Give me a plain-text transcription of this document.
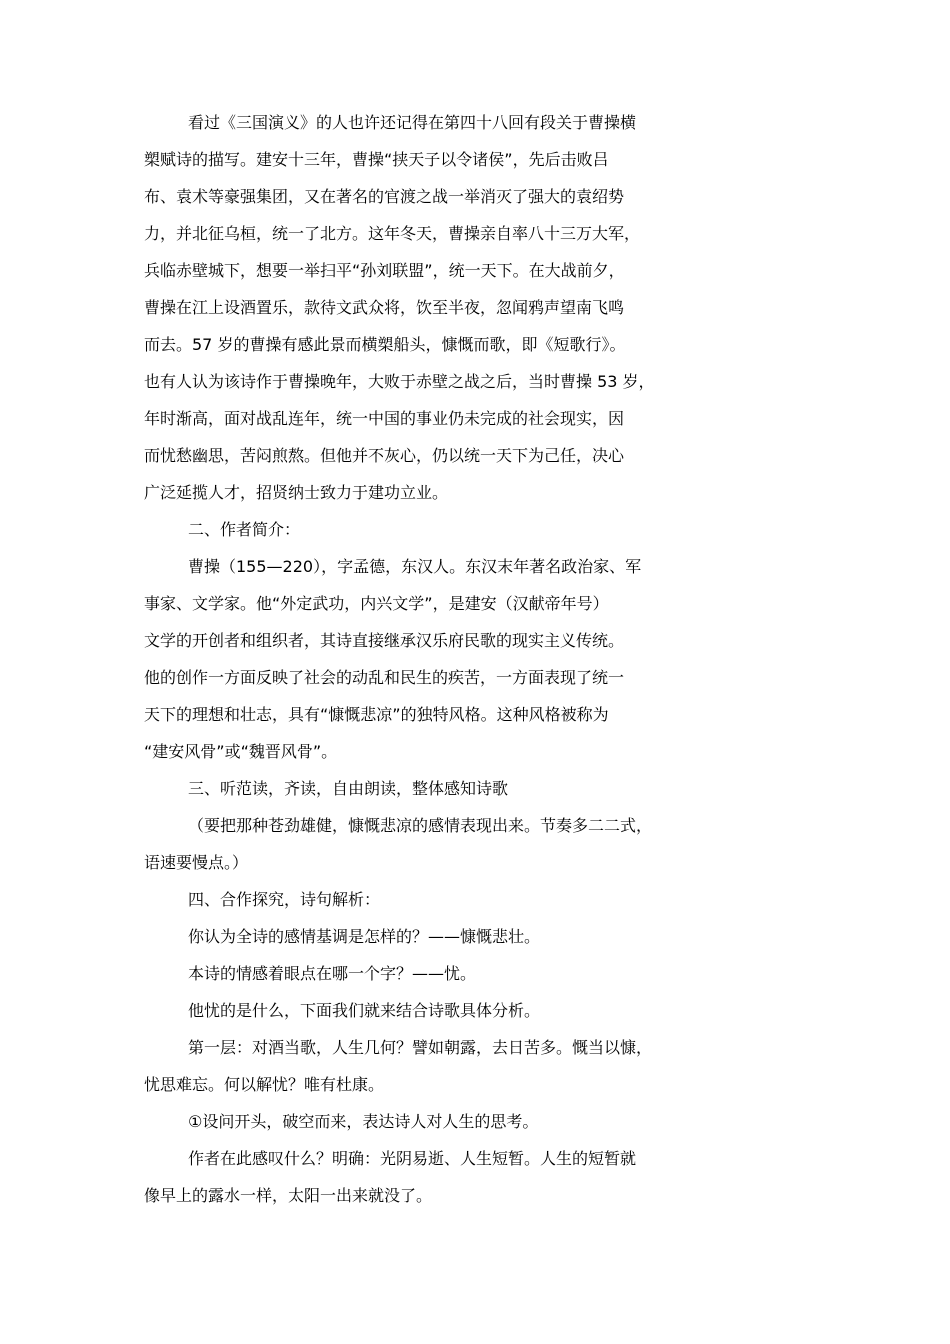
看过《三国演义》的人也许还记得在第四十八回有段关于曹操横
槊赋诗的描写。建安十三年，曹操“挟天子以令诸侯”，先后击败吕
布、袁术等豪强集团，又在著名的官渡之战一举消灭了强大的袁绍势
力，并北征乌桓，统一了北方。这年冬天，曹操亲自率八十三万大军，
兵临赤壁城下，想要一举扫平“孙刘联盟”，统一天下。在大战前夕，
曹操在江上设酒置乐，款待文武众将，饮至半夜，忽闻鸦声望南飞鸣
而去。57 岁的曹操有感此景而横槊船头，慷慨而歌，即《短歌行》。
也有人认为该诗作于曹操晚年，大败于赤壁之战之后，当时曹操 53 岁，
年时渐高，面对战乱连年，统一中国的事业仍未完成的社会现实，因
而忧愁幽思，苦闷煎熬。但他并不灰心，仍以统一天下为己任，决心
广泛延揽人才，招贤纳士致力于建功立业。
二、作者简介：
曹操（155—220），字孟德，东汉人。东汉末年著名政治家、军
事家、文学家。他“外定武功，内兴文学”，是建安（汉献帝年号）
文学的开创者和组织者，其诗直接继承汉乐府民歌的现实主义传统。
他的创作一方面反映了社会的动乱和民生的疾苦，一方面表现了统一
天下的理想和壮志，具有“慷慨悲凉”的独特风格。这种风格被称为
“建安风骨”或“魏晋风骨”。
三、听范读，齐读，自由朗读，整体感知诗歌
（要把那种苍劲雄健，慷慨悲凉的感情表现出来。节奏多二二式，
语速要慢点。）
四、合作探究，诗句解析：
你认为全诗的感情基调是怎样的？——慷慨悲壮。
本诗的情感着眼点在哪一个字？——忧。
他忧的是什么，下面我们就来结合诗歌具体分析。
第一层：对酒当歌，人生几何？譬如朝露，去日苦多。慨当以慷，
忧思难忘。何以解忧？唯有杜康。
①设问开头，破空而来，表达诗人对人生的思考。
作者在此感叹什么？明确：光阴易逝、人生短暂。人生的短暂就
像早上的露水一样，太阳一出来就没了。
